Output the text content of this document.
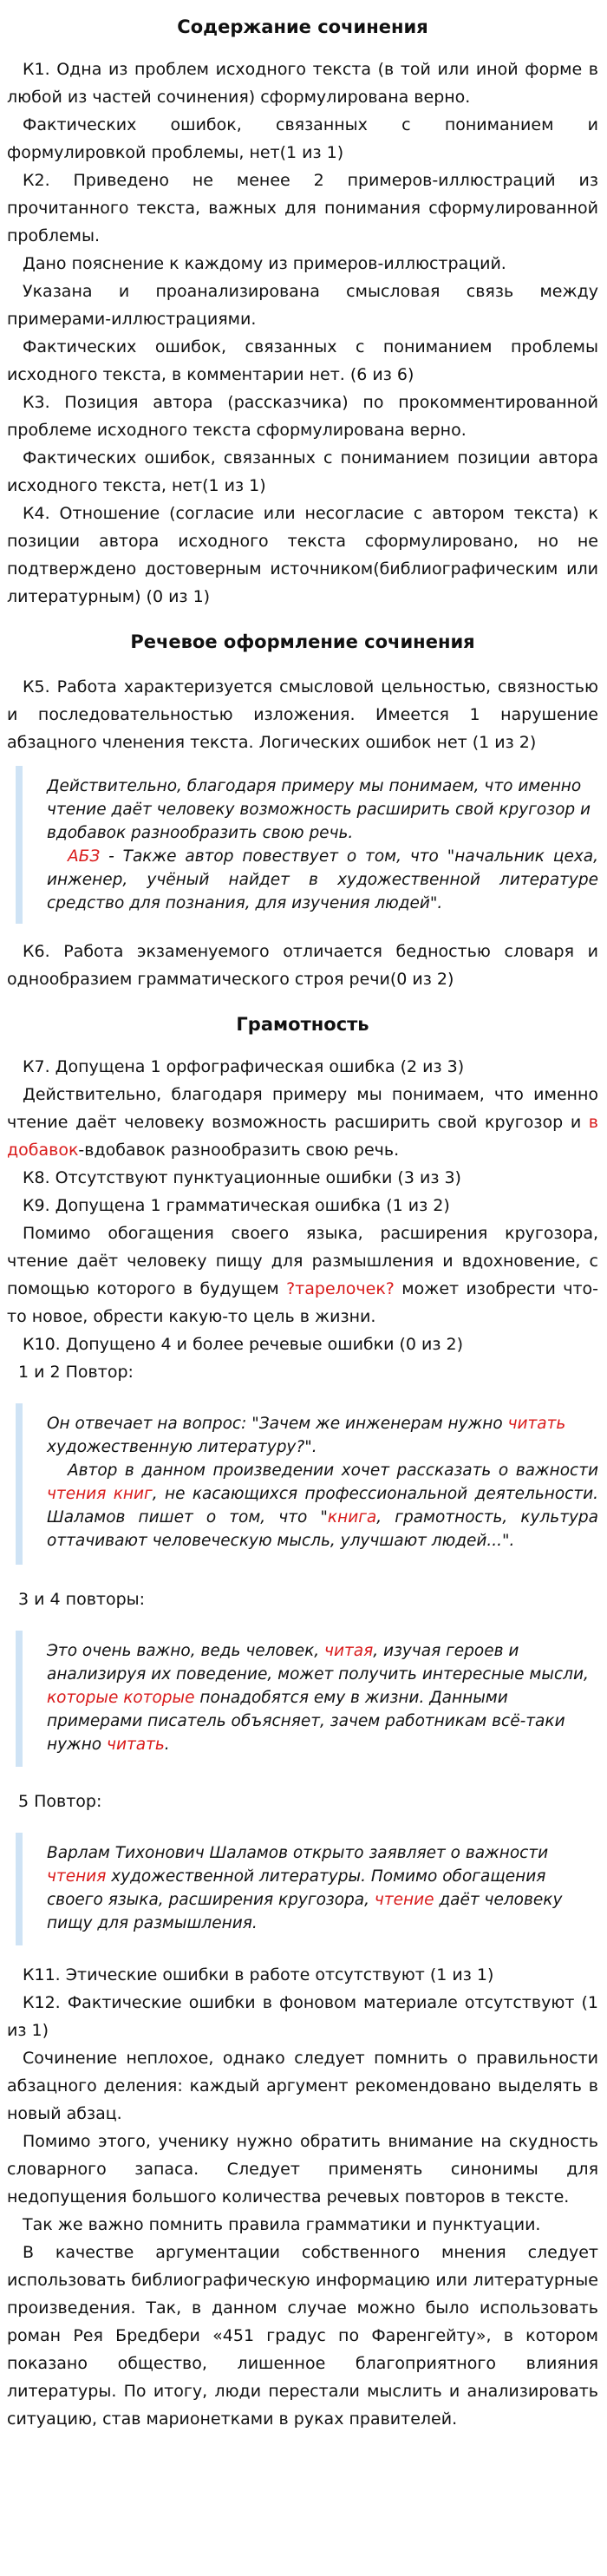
Содержание сочинения

К1. Одна из проблем исходного текста (в той или иной форме в любой из частей сочинения) сформулирована верно.

Фактических ошибок, связанных с пониманием и формулировкой проблемы, нет(1 из 1)

К2. Приведено не менее 2 примеров-иллюстраций из прочитанного текста, важных для понимания сформулированной проблемы.

Дано пояснение к каждому из примеров-иллюстраций.

Указана и проанализирована смысловая связь между примерами-иллюстрациями.

Фактических ошибок, связанных с пониманием проблемы исходного текста, в комментарии нет. (6 из 6)

К3. Позиция автора (рассказчика) по прокомментированной проблеме исходного текста сформулирована верно.

Фактических ошибок, связанных с пониманием позиции автора исходного текста, нет(1 из 1)

К4. Отношение (согласие или несогласие с автором текста) к позиции автора исходного текста сформулировано, но не подтверждено достоверным источником(библиографическим или литературным) (0 из 1)

Речевое оформление сочинения

К5. Работа характеризуется смысловой цельностью, связностью и последовательностью изложения. Имеется 1 нарушение абзацного членения текста. Логических ошибок нет (1 из 2)

Действительно, благодаря примеру мы понимаем, что именно чтение даёт человеку возможность расширить свой кругозор и вдобавок разнообразить свою речь.

АБЗ - Также автор повествует о том, что "начальник цеха, инженер, учёный найдет в художественной литературе средство для познания, для изучения людей".

К6. Работа экзаменуемого отличается бедностью словаря и однообразием грамматического строя речи(0 из 2)

Грамотность

К7. Допущена 1 орфографическая ошибка (2 из 3)

Действительно, благодаря примеру мы понимаем, что именно чтение даёт человеку возможность расширить свой кругозор и в добавок-вдобавок разнообразить свою речь.

К8. Отсутствуют пунктуационные ошибки (3 из 3)

К9. Допущена 1 грамматическая ошибка (1 из 2)

Помимо обогащения своего языка, расширения кругозора, чтение даёт человеку пищу для размышления и вдохновение, с помощью которого в будущем ?тарелочек? может изобрести что-то новое, обрести какую-то цель в жизни.

К10. Допущено 4 и более речевые ошибки (0 из 2)

1 и 2 Повтор:

Он отвечает на вопрос: "Зачем же инженерам нужно читать художественную литературу?".

Автор в данном произведении хочет рассказать о важности чтения книг, не касающихся профессиональной деятельности. Шаламов пишет о том, что "книга, грамотность, культура оттачивают человеческую мысль, улучшают людей...".

3 и 4 повторы:

Это очень важно, ведь человек, читая, изучая героев и анализируя их поведение, может получить интересные мысли, которые которые понадобятся ему в жизни. Данными примерами писатель объясняет, зачем работникам всё-таки нужно читать.

5 Повтор:

Варлам Тихонович Шаламов открыто заявляет о важности чтения художественной литературы. Помимо обогащения своего языка, расширения кругозора, чтение даёт человеку пищу для размышления.

К11. Этические ошибки в работе отсутствуют (1 из 1)

К12. Фактические ошибки в фоновом материале отсутствуют (1 из 1)

Сочинение неплохое, однако следует помнить о правильности абзацного деления: каждый аргумент рекомендовано выделять в новый абзац.

Помимо этого, ученику нужно обратить внимание на скудность словарного запаса. Следует применять синонимы для недопущения большого количества речевых повторов в тексте.

Так же важно помнить правила грамматики и пунктуации.

В качестве аргументации собственного мнения следует использовать библиографическую информацию или литературные произведения. Так, в данном случае можно было использовать роман Рея Бредбери «451 градус по Фаренгейту», в котором показано общество, лишенное благоприятного влияния литературы. По итогу, люди перестали мыслить и анализировать ситуацию, став марионетками в руках правителей.
